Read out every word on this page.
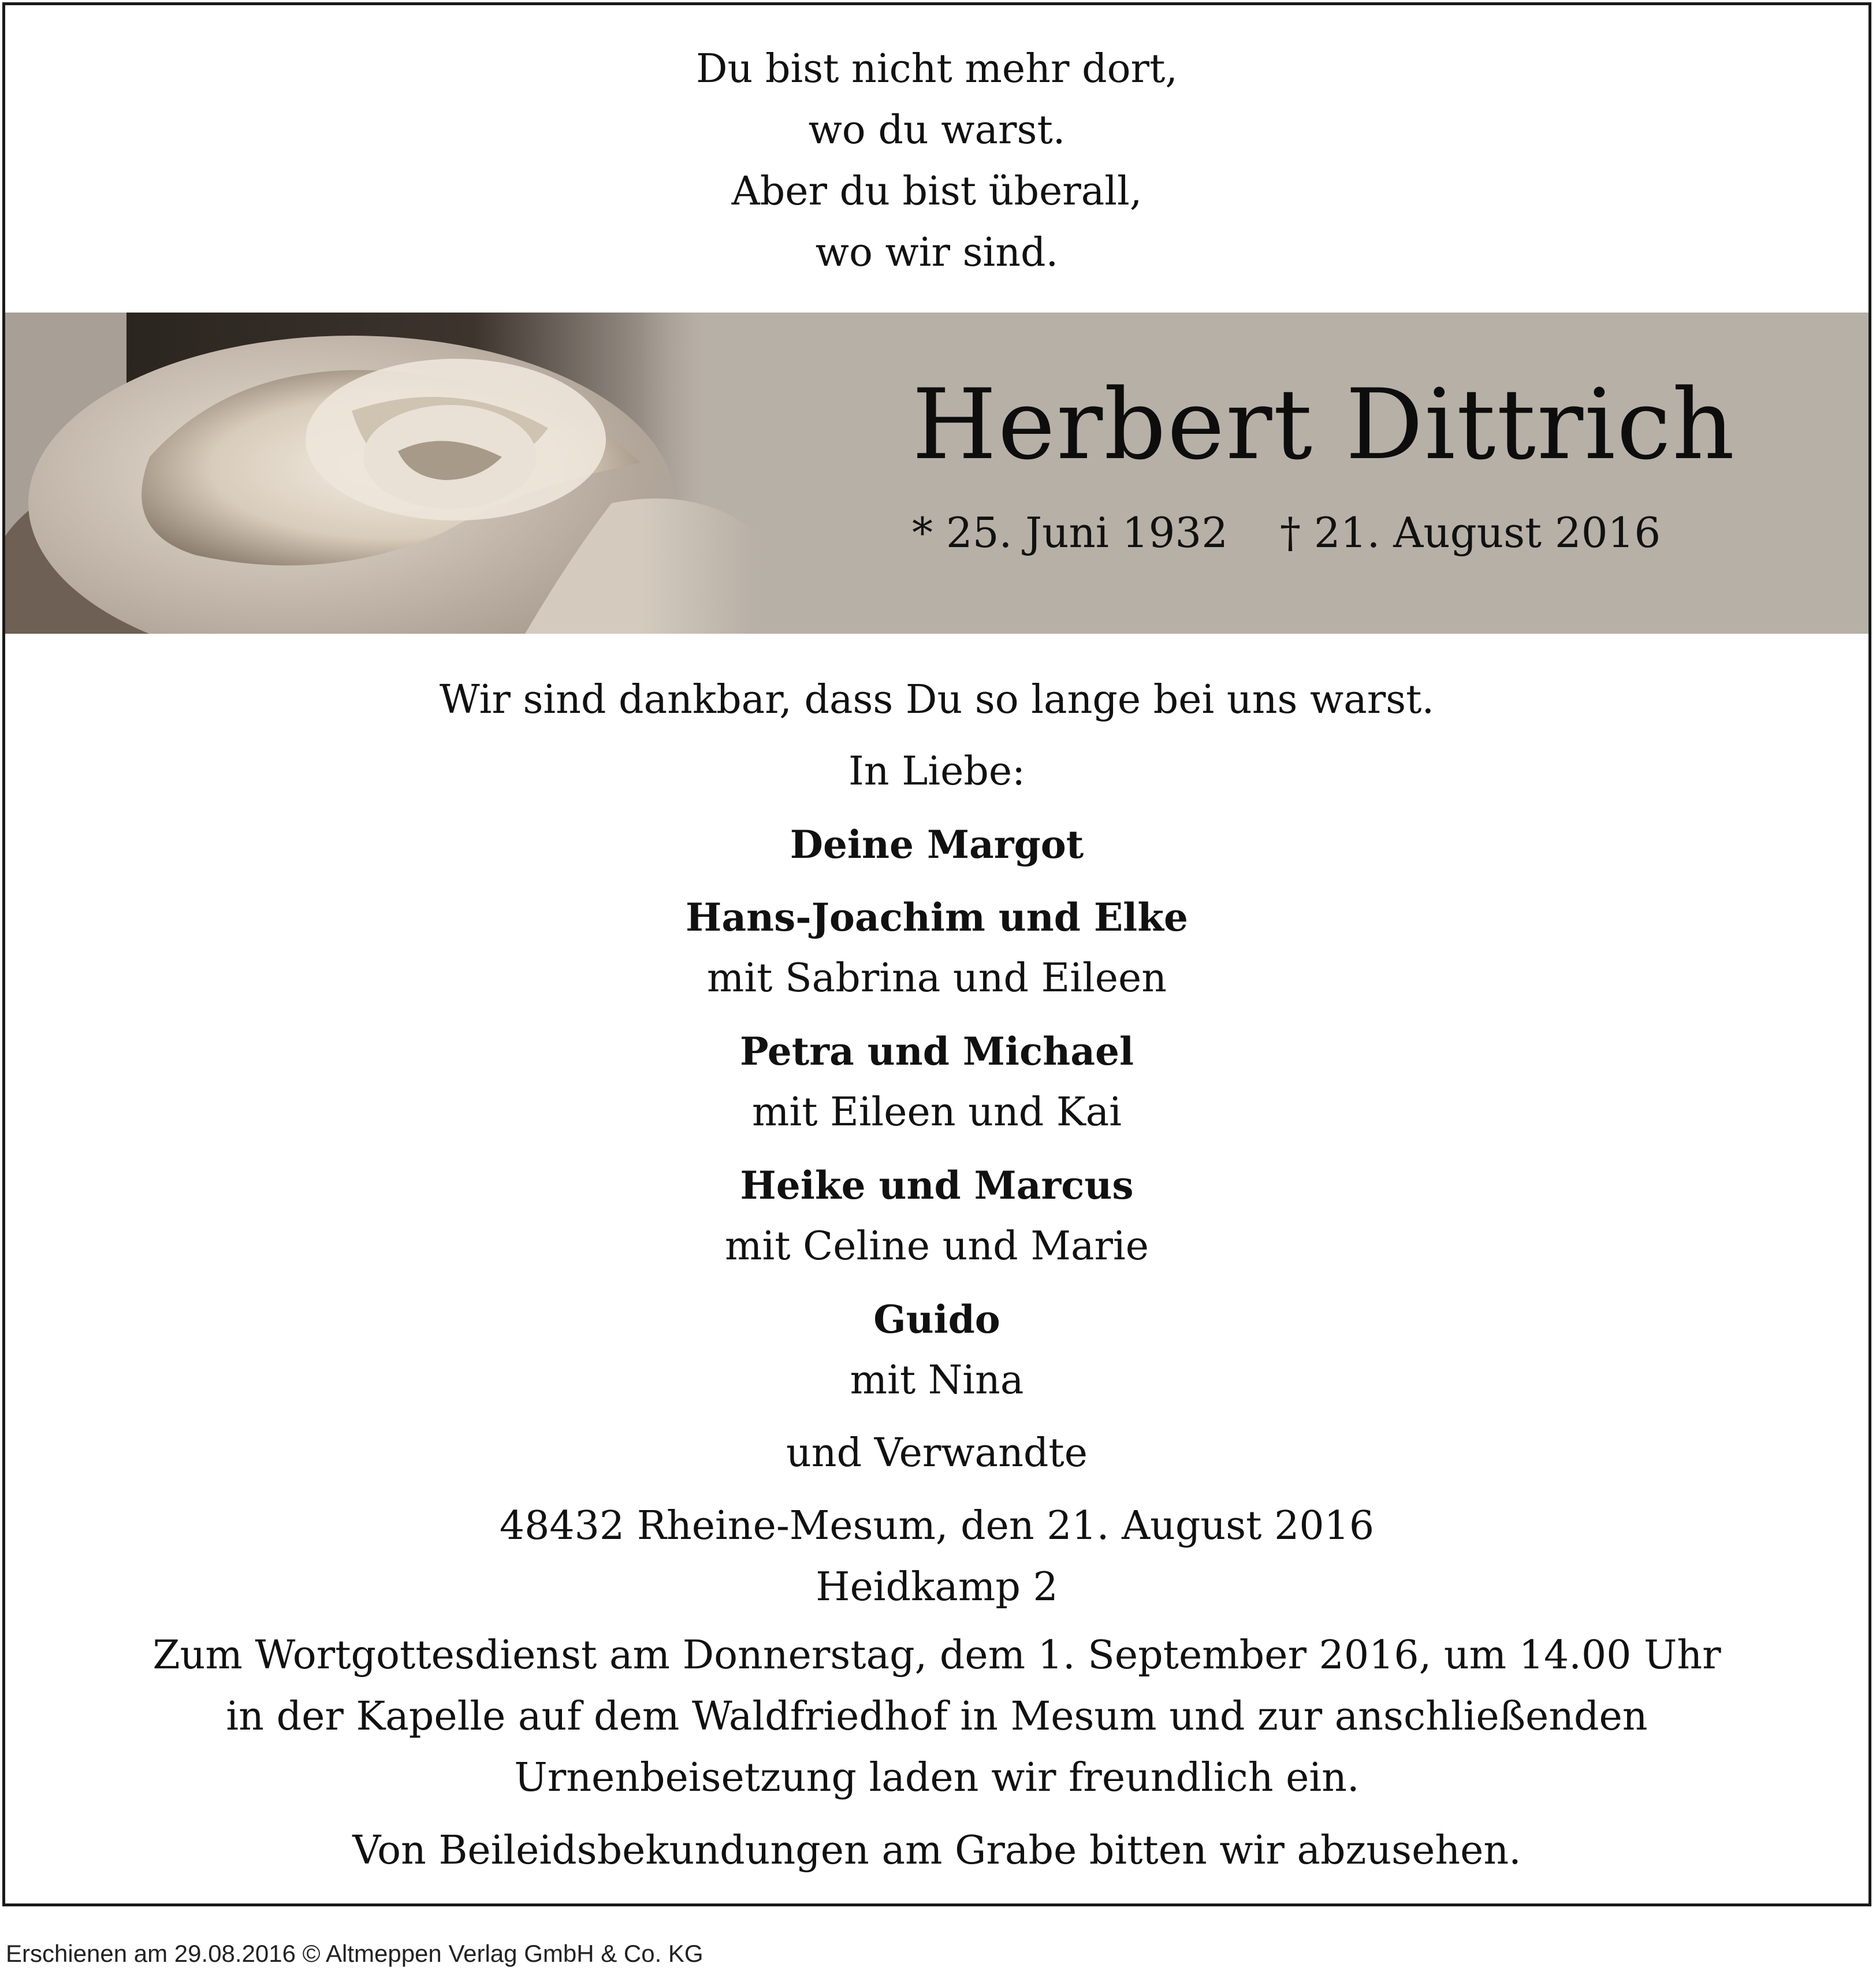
Du bist nicht mehr dort,
wo du warst.
Aber du bist überall,
wo wir sind.
Herbert Dittrich
* 25. Juni 1932 † 21. August 2016
Wir sind dankbar, dass Du so lange bei uns warst.
In Liebe:
Deine Margot
Hans-Joachim und Elke
mit Sabrina und Eileen
Petra und Michael
mit Eileen und Kai
Heike und Marcus
mit Celine und Marie
Guido
mit Nina
und Verwandte
48432 Rheine-Mesum, den 21. August 2016
Heidkamp 2
Zum Wortgottesdienst am Donnerstag, dem 1. September 2016, um 14.00 Uhr
in der Kapelle auf dem Waldfriedhof in Mesum und zur anschließenden
Urnenbeisetzung laden wir freundlich ein.
Von Beileidsbekundungen am Grabe bitten wir abzusehen.
Erschienen am 29.08.2016 © Altmeppen Verlag GmbH & Co. KG
